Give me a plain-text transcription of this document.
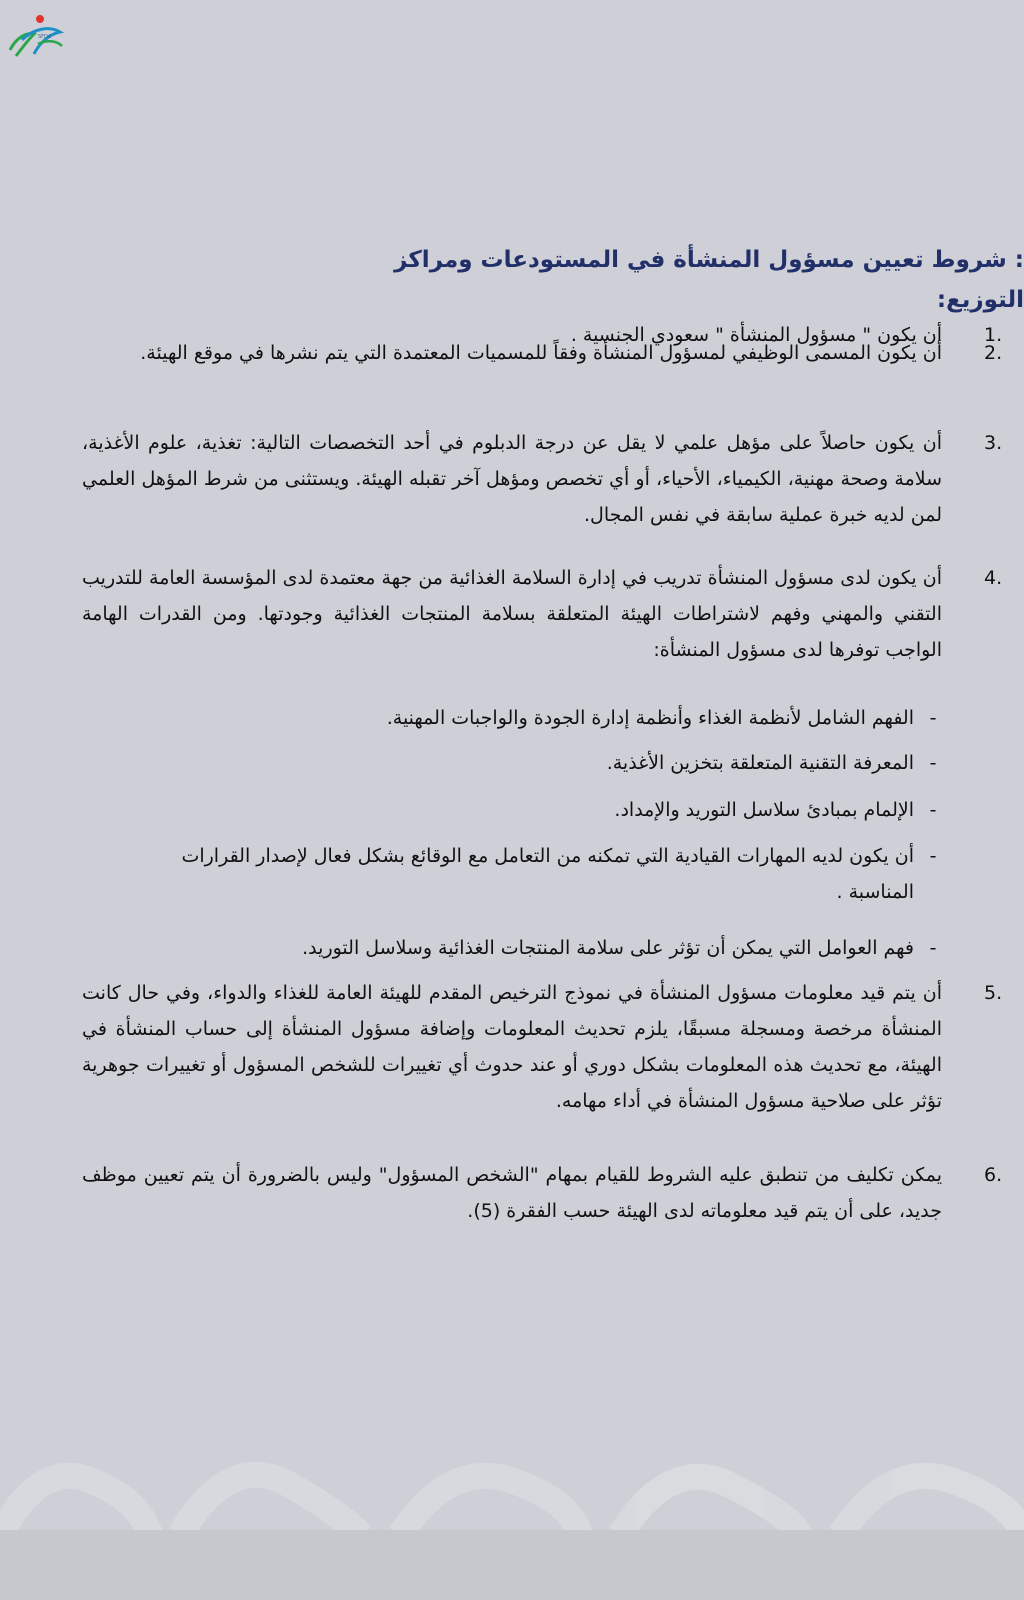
SFDA
: شروط تعيين مسؤول المنشأة في المستودعات ومراكز التوزيع:
1.
أن يكون " مسؤول المنشأة " سعودي الجنسية .
2.
أن يكون المسمى الوظيفي لمسؤول المنشأة وفقاً للمسميات المعتمدة التي يتم نشرها في موقع الهيئة.
3.
أن يكون حاصلاً على مؤهل علمي لا يقل عن درجة الدبلوم في أحد التخصصات التالية: تغذية، علوم الأغذية، سلامة وصحة مهنية، الكيمياء، الأحياء، أو أي تخصص ومؤهل آخر تقبله الهيئة. ويستثنى من شرط المؤهل العلمي لمن لديه خبرة عملية سابقة في نفس المجال.
4.
أن يكون لدى مسؤول المنشأة تدريب في إدارة السلامة الغذائية من جهة معتمدة لدى المؤسسة العامة للتدريب التقني والمهني وفهم لاشتراطات الهيئة المتعلقة بسلامة المنتجات الغذائية وجودتها. ومن القدرات الهامة الواجب توفرها لدى مسؤول المنشأة:
-
الفهم الشامل لأنظمة الغذاء وأنظمة إدارة الجودة والواجبات المهنية.
-
المعرفة التقنية المتعلقة بتخزين الأغذية.
-
الإلمام بمبادئ سلاسل التوريد والإمداد.
-
أن يكون لديه المهارات القيادية التي تمكنه من التعامل مع الوقائع بشكل فعال لإصدار القرارات المناسبة .
-
فهم العوامل التي يمكن أن تؤثر على سلامة المنتجات الغذائية وسلاسل التوريد.
5.
أن يتم قيد معلومات مسؤول المنشأة في نموذج الترخيص المقدم للهيئة العامة للغذاء والدواء، وفي حال كانت المنشأة مرخصة ومسجلة مسبقًا، يلزم تحديث المعلومات وإضافة مسؤول المنشأة إلى حساب المنشأة في الهيئة، مع تحديث هذه المعلومات بشكل دوري أو عند حدوث أي تغييرات للشخص المسؤول أو تغييرات جوهرية تؤثر على صلاحية مسؤول المنشأة في أداء مهامه.
6.
يمكن تكليف من تنطبق عليه الشروط للقيام بمهام "الشخص المسؤول" وليس بالضرورة أن يتم تعيين موظف جديد، على أن يتم قيد معلوماته لدى الهيئة حسب الفقرة (5).
